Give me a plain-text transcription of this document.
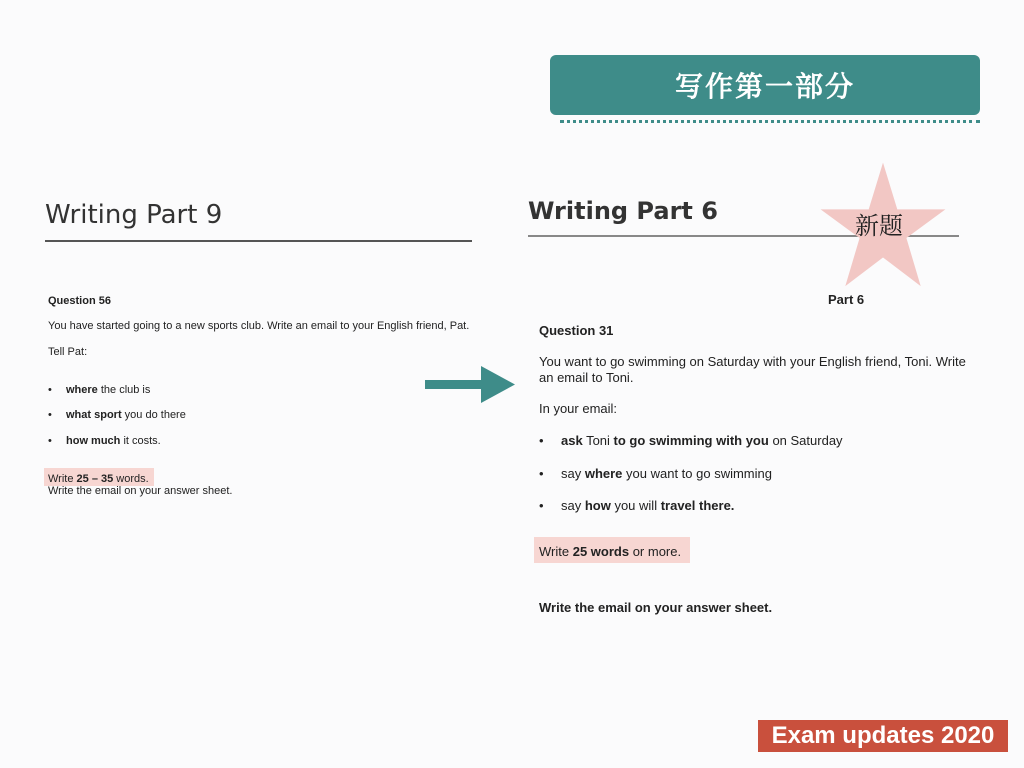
写作第一部分
Writing Part 9	Writing Part 6
新题
Question 56
You have started going to a new sports club. Write an email to your English friend, Pat.
Tell Pat:
• where the club is
• what sport you do there
• how much it costs.
Write 25 – 35 words.
Write the email on your answer sheet.
Part 6
Question 31
You want to go swimming on Saturday with your English friend, Toni. Write an email to Toni.
In your email:
• ask Toni to go swimming with you on Saturday
• say where you want to go swimming
• say how you will travel there.
Write 25 words or more.
Write the email on your answer sheet.
Exam updates 2020
